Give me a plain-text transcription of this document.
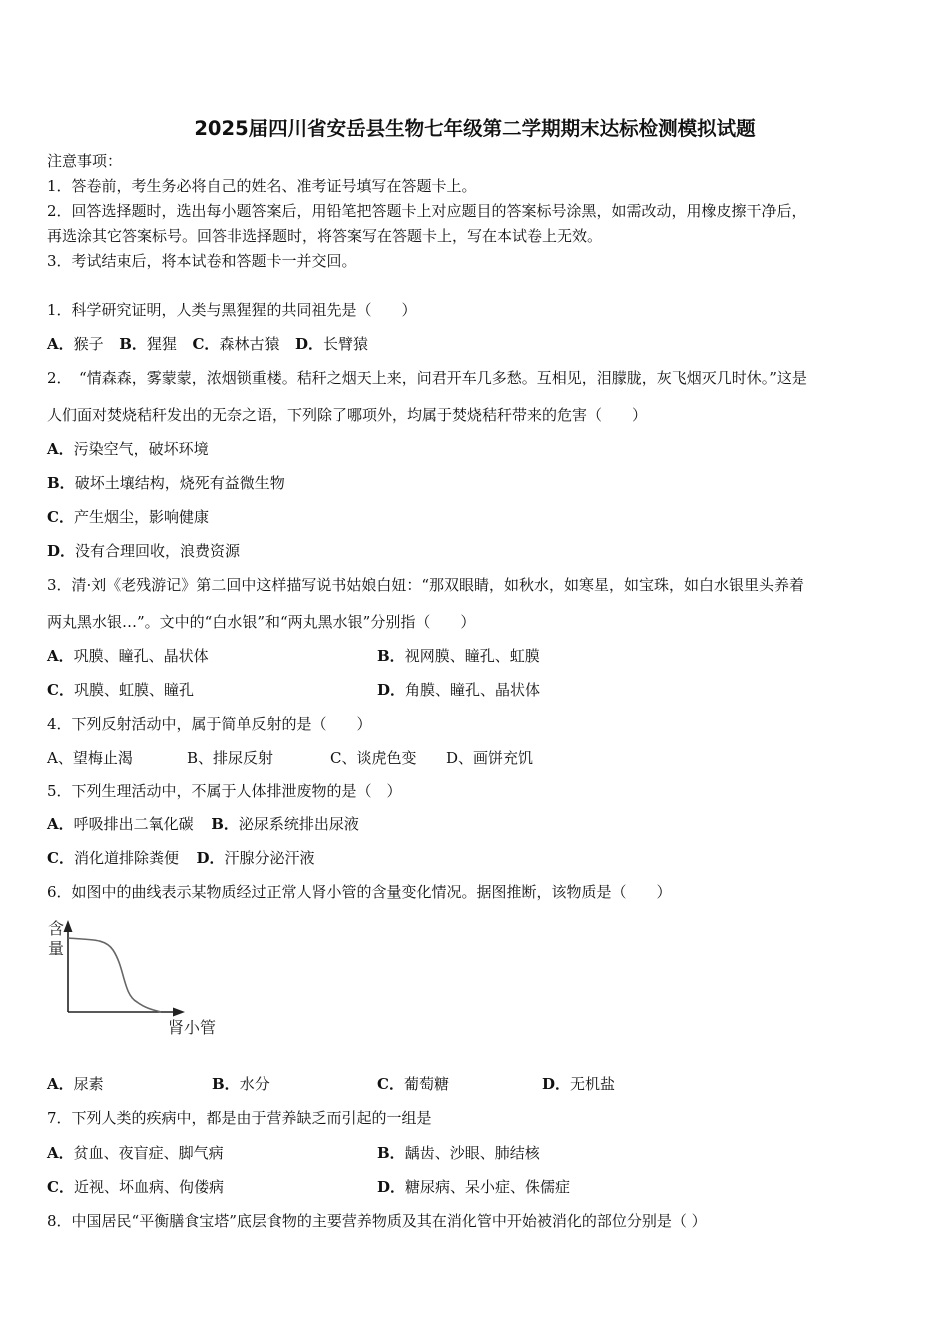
2025届四川省安岳县生物七年级第二学期期末达标检测模拟试题
注意事项：
1．答卷前，考生务必将自己的姓名、准考证号填写在答题卡上。
2．回答选择题时，选出每小题答案后，用铅笔把答题卡上对应题目的答案标号涂黑，如需改动，用橡皮擦干净后，
再选涂其它答案标号。回答非选择题时，将答案写在答题卡上，写在本试卷上无效。
3．考试结束后，将本试卷和答题卡一并交回。
1．科学研究证明，人类与黑猩猩的共同祖先是（　　）
A．猴子 B．猩猩 C．森林古猿 D．长臂猿
2．　“情森森，雾蒙蒙，浓烟锁重楼。秸秆之烟天上来，问君开车几多愁。互相见，泪朦胧，灰飞烟灭几时休。”这是
人们面对焚烧秸秆发出的无奈之语，下列除了哪项外，均属于焚烧秸秆带来的危害（　　）
A．污染空气，破坏环境
B．破坏土壤结构，烧死有益微生物
C．产生烟尘，影响健康
D．没有合理回收，浪费资源
3．清·刘《老残游记》第二回中这样描写说书姑娘白妞：“那双眼睛，如秋水，如寒星，如宝珠，如白水银里头养着
两丸黑水银…”。文中的“白水银”和“两丸黑水银”分别指（　　）
A．巩膜、瞳孔、晶状体	B．视网膜、瞳孔、虹膜
C．巩膜、虹膜、瞳孔	D．角膜、瞳孔、晶状体
4．下列反射活动中，属于简单反射的是（　　）
A、望梅止渴	B、排尿反射	C、谈虎色变 D、画饼充饥
5．下列生理活动中，不属于人体排泄废物的是（　）
A．呼吸排出二氧化碳 B．泌尿系统排出尿液
C．消化道排除粪便 D．汗腺分泌汗液
6．如图中的曲线表示某物质经过正常人肾小管的含量变化情况。据图推断，该物质是（　　）
含
量
肾小管
A．尿素	B．水分	C．葡萄糖	D．无机盐
7．下列人类的疾病中，都是由于营养缺乏而引起的一组是
A．贫血、夜盲症、脚气病	B．龋齿、沙眼、肺结核
C．近视、坏血病、佝偻病	D．糖尿病、呆小症、侏儒症
8．中国居民“平衡膳食宝塔”底层食物的主要营养物质及其在消化管中开始被消化的部位分别是（ ）
